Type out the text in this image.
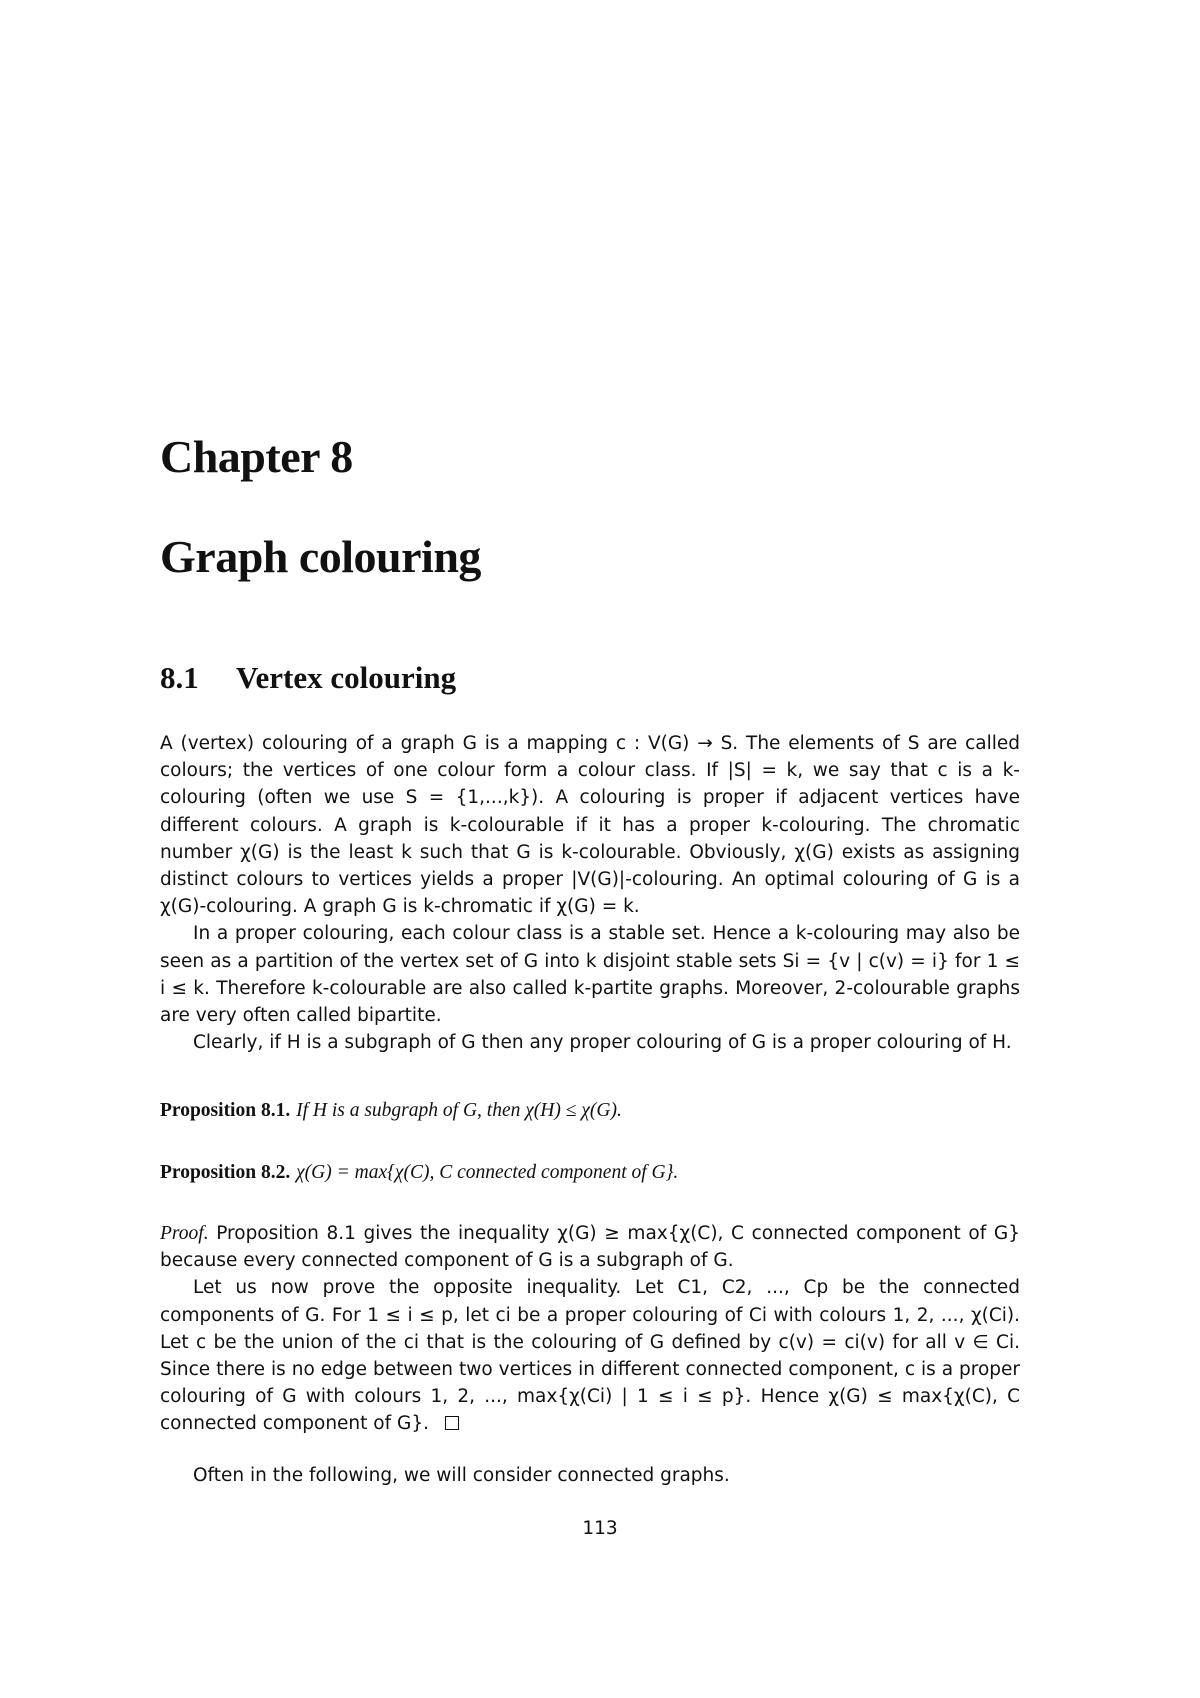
Chapter 8
Graph colouring
8.1 Vertex colouring

A (vertex) colouring of a graph G is a mapping c : V(G) → S. The elements of S are called colours; the vertices of one colour form a colour class. If |S| = k, we say that c is a k-colouring (often we use S = {1,...,k}). A colouring is proper if adjacent vertices have different colours. A graph is k-colourable if it has a proper k-colouring. The chromatic number χ(G) is the least k such that G is k-colourable. Obviously, χ(G) exists as assigning distinct colours to vertices yields a proper |V(G)|-colouring. An optimal colouring of G is a χ(G)-colouring. A graph G is k-chromatic if χ(G) = k.

In a proper colouring, each colour class is a stable set. Hence a k-colouring may also be seen as a partition of the vertex set of G into k disjoint stable sets Si = {v | c(v) = i} for 1 ≤ i ≤ k. Therefore k-colourable are also called k-partite graphs. Moreover, 2-colourable graphs are very often called bipartite.

Clearly, if H is a subgraph of G then any proper colouring of G is a proper colouring of H.

Proposition 8.1. If H is a subgraph of G, then χ(H) ≤ χ(G).
Proposition 8.2. χ(G) = max{χ(C), C connected component of G}.

Proof. Proposition 8.1 gives the inequality χ(G) ≥ max{χ(C), C connected component of G} because every connected component of G is a subgraph of G.

Let us now prove the opposite inequality. Let C1, C2, ..., Cp be the connected components of G. For 1 ≤ i ≤ p, let ci be a proper colouring of Ci with colours 1, 2, ..., χ(Ci). Let c be the union of the ci that is the colouring of G defined by c(v) = ci(v) for all v ∈ Ci. Since there is no edge between two vertices in different connected component, c is a proper colouring of G with colours 1, 2, ..., max{χ(Ci) | 1 ≤ i ≤ p}. Hence χ(G) ≤ max{χ(C), C connected component of G}.

Often in the following, we will consider connected graphs.

113
